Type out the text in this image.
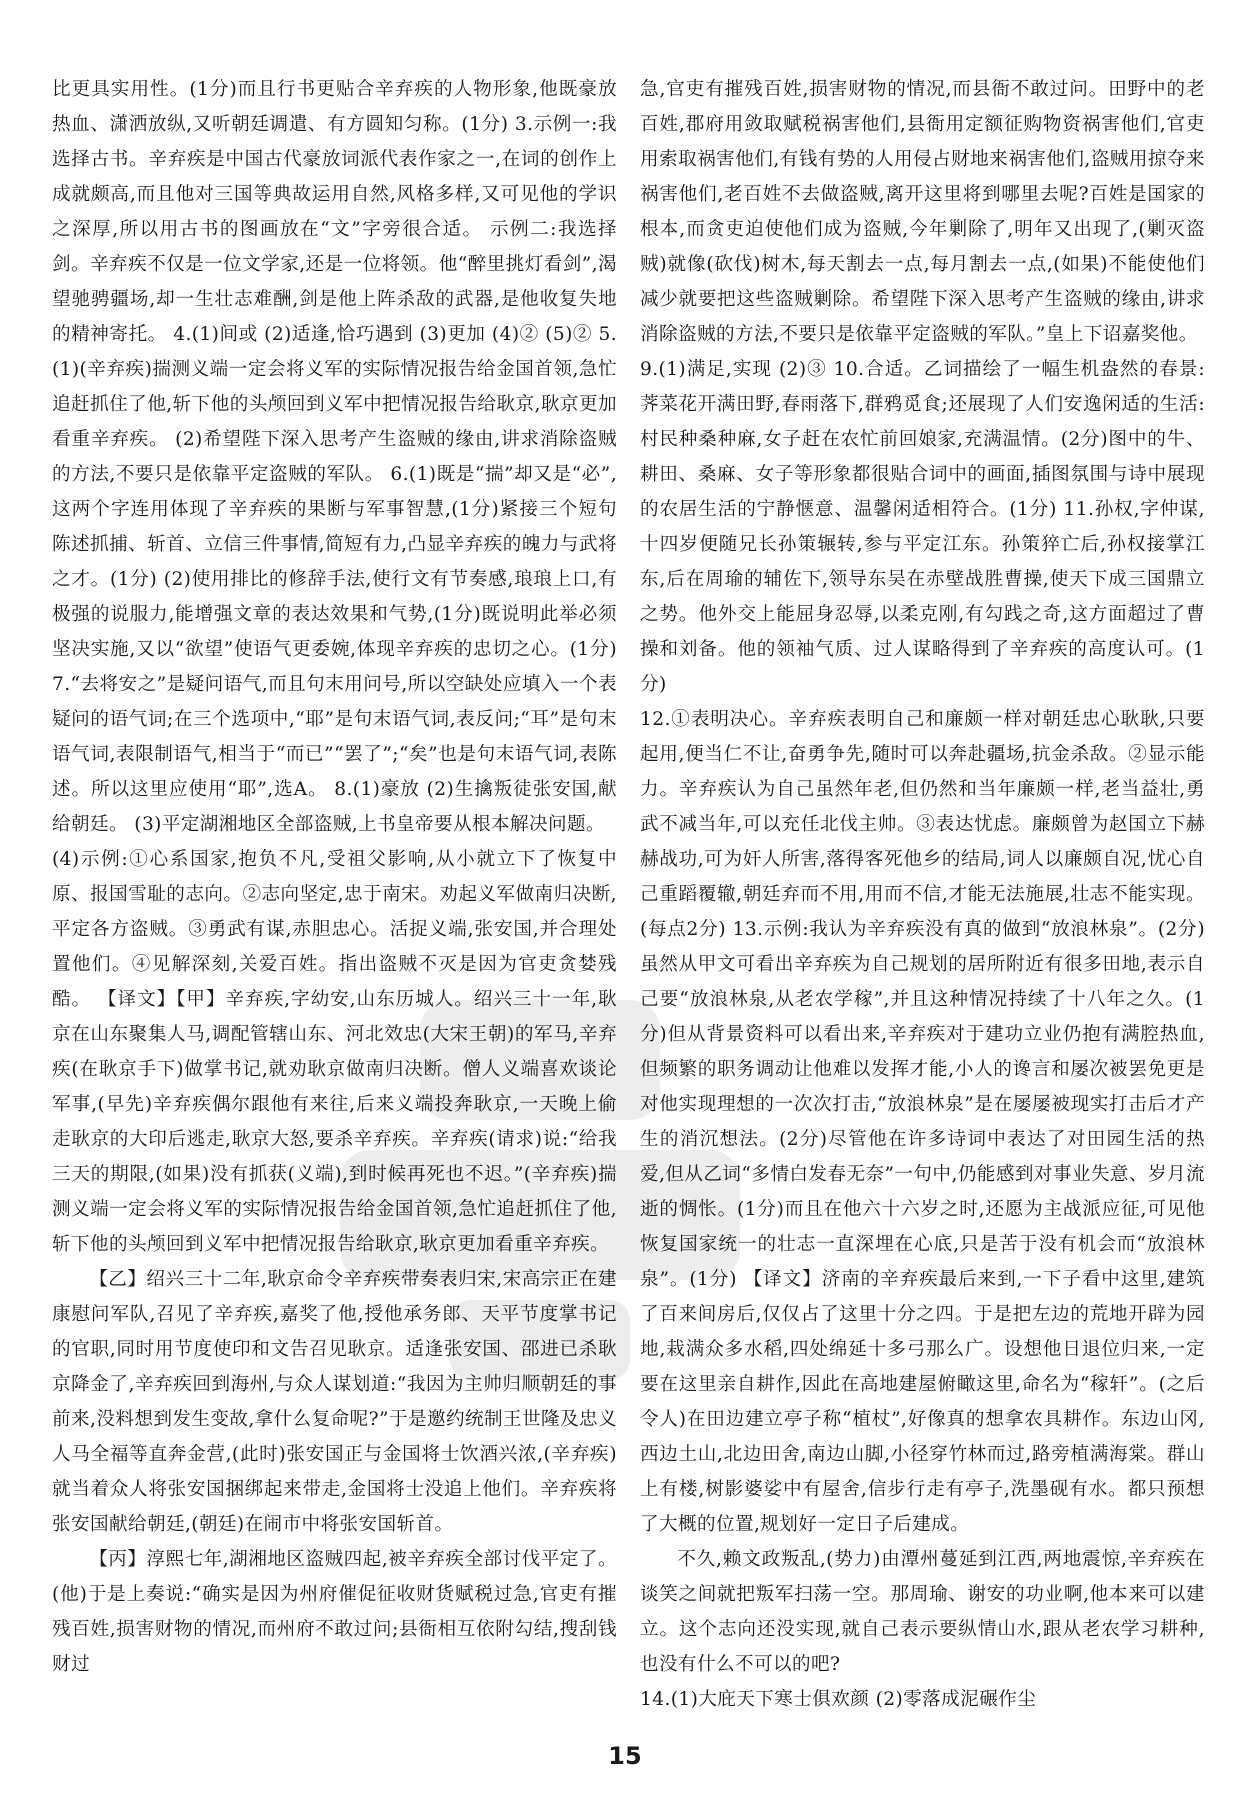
比更具实用性。(1分)而且行书更贴合辛弃疾的人物形象,他既豪放热血、潇洒放纵,又听朝廷调遣、有方圆知匀称。(1分) 3.示例一:我选择古书。辛弃疾是中国古代豪放词派代表作家之一,在词的创作上成就颇高,而且他对三国等典故运用自然,风格多样,又可见他的学识之深厚,所以用古书的图画放在“文”字旁很合适。 示例二:我选择剑。辛弃疾不仅是一位文学家,还是一位将领。他“醉里挑灯看剑”,渴望驰骋疆场,却一生壮志难酬,剑是他上阵杀敌的武器,是他收复失地的精神寄托。 4.(1)间或 (2)适逢,恰巧遇到 (3)更加 (4)② (5)② 5.(1)(辛弃疾)揣测义端一定会将义军的实际情况报告给金国首领,急忙追赶抓住了他,斩下他的头颅回到义军中把情况报告给耿京,耿京更加看重辛弃疾。 (2)希望陛下深入思考产生盗贼的缘由,讲求消除盗贼的方法,不要只是依靠平定盗贼的军队。 6.(1)既是“揣”却又是“必”,这两个字连用体现了辛弃疾的果断与军事智慧,(1分)紧接三个短句陈述抓捕、斩首、立信三件事情,简短有力,凸显辛弃疾的魄力与武将之才。(1分) (2)使用排比的修辞手法,使行文有节奏感,琅琅上口,有极强的说服力,能增强文章的表达效果和气势,(1分)既说明此举必须坚决实施,又以“欲望”使语气更委婉,体现辛弃疾的忠切之心。(1分) 7.“去将安之”是疑问语气,而且句末用问号,所以空缺处应填入一个表疑问的语气词;在三个选项中,“耶”是句末语气词,表反问;“耳”是句末语气词,表限制语气,相当于“而已”“罢了”;“矣”也是句末语气词,表陈述。所以这里应使用“耶”,选A。 8.(1)豪放 (2)生擒叛徒张安国,献给朝廷。 (3)平定湖湘地区全部盗贼,上书皇帝要从根本解决问题。

(4)示例:①心系国家,抱负不凡,受祖父影响,从小就立下了恢复中原、报国雪耻的志向。②志向坚定,忠于南宋。劝起义军做南归决断,平定各方盗贼。③勇武有谋,赤胆忠心。活捉义端,张安国,并合理处置他们。④见解深刻,关爱百姓。指出盗贼不灭是因为官吏贪婪残酷。 【译文】【甲】辛弃疾,字幼安,山东历城人。绍兴三十一年,耿京在山东聚集人马,调配管辖山东、河北效忠(大宋王朝)的军马,辛弃疾(在耿京手下)做掌书记,就劝耿京做南归决断。僧人义端喜欢谈论军事,(早先)辛弃疾偶尔跟他有来往,后来义端投奔耿京,一天晚上偷走耿京的大印后逃走,耿京大怒,要杀辛弃疾。辛弃疾(请求)说:“给我三天的期限,(如果)没有抓获(义端),到时候再死也不迟。”(辛弃疾)揣测义端一定会将义军的实际情况报告给金国首领,急忙追赶抓住了他,斩下他的头颅回到义军中把情况报告给耿京,耿京更加看重辛弃疾。

【乙】绍兴三十二年,耿京命令辛弃疾带奏表归宋,宋高宗正在建康慰问军队,召见了辛弃疾,嘉奖了他,授他承务郎、天平节度掌书记的官职,同时用节度使印和文告召见耿京。适逢张安国、邵进已杀耿京降金了,辛弃疾回到海州,与众人谋划道:“我因为主帅归顺朝廷的事前来,没料想到发生变故,拿什么复命呢?”于是邀约统制王世隆及忠义人马全福等直奔金营,(此时)张安国正与金国将士饮酒兴浓,(辛弃疾)就当着众人将张安国捆绑起来带走,金国将士没追上他们。辛弃疾将张安国献给朝廷,(朝廷)在闹市中将张安国斩首。

【丙】淳熙七年,湖湘地区盗贼四起,被辛弃疾全部讨伐平定了。(他)于是上奏说:“确实是因为州府催促征收财货赋税过急,官吏有摧残百姓,损害财物的情况,而州府不敢过问;县衙相互依附勾结,搜刮钱财过

急,官吏有摧残百姓,损害财物的情况,而县衙不敢过问。田野中的老百姓,郡府用敛取赋税祸害他们,县衙用定额征购物资祸害他们,官吏用索取祸害他们,有钱有势的人用侵占财地来祸害他们,盗贼用掠夺来祸害他们,老百姓不去做盗贼,离开这里将到哪里去呢?百姓是国家的根本,而贪吏迫使他们成为盗贼,今年剿除了,明年又出现了,(剿灭盗贼)就像(砍伐)树木,每天割去一点,每月割去一点,(如果)不能使他们减少就要把这些盗贼剿除。希望陛下深入思考产生盗贼的缘由,讲求消除盗贼的方法,不要只是依靠平定盗贼的军队。”皇上下诏嘉奖他。

9.(1)满足,实现 (2)③ 10.合适。乙词描绘了一幅生机盎然的春景:荠菜花开满田野,春雨落下,群鸦觅食;还展现了人们安逸闲适的生活:村民种桑种麻,女子赶在农忙前回娘家,充满温情。(2分)图中的牛、耕田、桑麻、女子等形象都很贴合词中的画面,插图氛围与诗中展现的农居生活的宁静惬意、温馨闲适相符合。(1分) 11.孙权,字仲谋,十四岁便随兄长孙策辗转,参与平定江东。孙策猝亡后,孙权接掌江东,后在周瑜的辅佐下,领导东吴在赤壁战胜曹操,使天下成三国鼎立之势。他外交上能屈身忍辱,以柔克刚,有勾践之奇,这方面超过了曹操和刘备。他的领袖气质、过人谋略得到了辛弃疾的高度认可。(1分)

12.①表明决心。辛弃疾表明自己和廉颇一样对朝廷忠心耿耿,只要起用,便当仁不让,奋勇争先,随时可以奔赴疆场,抗金杀敌。②显示能力。辛弃疾认为自己虽然年老,但仍然和当年廉颇一样,老当益壮,勇武不减当年,可以充任北伐主帅。③表达忧虑。廉颇曾为赵国立下赫赫战功,可为奸人所害,落得客死他乡的结局,词人以廉颇自况,忧心自己重蹈覆辙,朝廷弃而不用,用而不信,才能无法施展,壮志不能实现。(每点2分) 13.示例:我认为辛弃疾没有真的做到“放浪林泉”。(2分)虽然从甲文可看出辛弃疾为自己规划的居所附近有很多田地,表示自己要“放浪林泉,从老农学稼”,并且这种情况持续了十八年之久。(1分)但从背景资料可以看出来,辛弃疾对于建功立业仍抱有满腔热血,但频繁的职务调动让他难以发挥才能,小人的谗言和屡次被罢免更是对他实现理想的一次次打击,“放浪林泉”是在屡屡被现实打击后才产生的消沉想法。(2分)尽管他在许多诗词中表达了对田园生活的热爱,但从乙词“多情白发春无奈”一句中,仍能感到对事业失意、岁月流逝的惆怅。(1分)而且在他六十六岁之时,还愿为主战派应征,可见他恢复国家统一的壮志一直深埋在心底,只是苦于没有机会而“放浪林泉”。(1分) 【译文】济南的辛弃疾最后来到,一下子看中这里,建筑了百来间房后,仅仅占了这里十分之四。于是把左边的荒地开辟为园地,栽满众多水稻,四处绵延十多弓那么广。设想他日退位归来,一定要在这里亲自耕作,因此在高地建屋俯瞰这里,命名为“稼轩”。(之后令人)在田边建立亭子称“植杖”,好像真的想拿农具耕作。东边山冈,西边土山,北边田舍,南边山脚,小径穿竹林而过,路旁植满海棠。群山上有楼,树影婆娑中有屋舍,信步行走有亭子,洗墨砚有水。都只预想了大概的位置,规划好一定日子后建成。

不久,赖文政叛乱,(势力)由潭州蔓延到江西,两地震惊,辛弃疾在谈笑之间就把叛军扫荡一空。那周瑜、谢安的功业啊,他本来可以建立。这个志向还没实现,就自己表示要纵情山水,跟从老农学习耕种,也没有什么不可以的吧?

14.(1)大庇天下寒士俱欢颜 (2)零落成泥碾作尘

15
